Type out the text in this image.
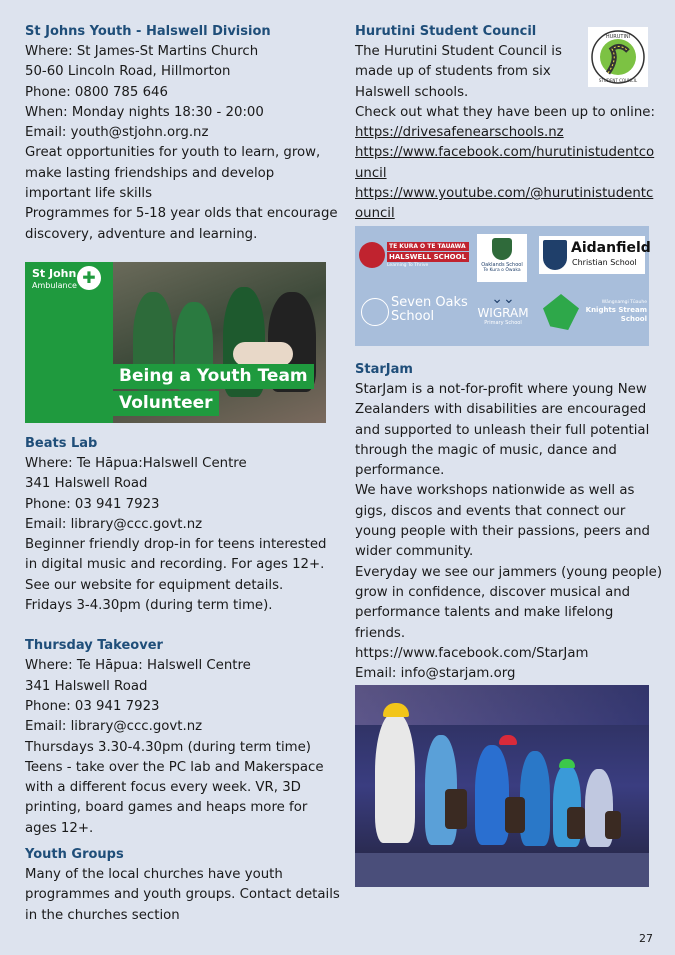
St Johns Youth - Halswell Division

Where: St James-St Martins Church

50-60 Lincoln Road, Hillmorton

Phone: 0800 785 646

When: Monday nights 18:30 - 20:00

Email: youth@stjohn.org.nz

Great opportunities for youth to learn, grow,

make lasting friendships and develop

important life skills

Programmes for 5-18 year olds that encourage

discovery, adventure and learning.

St John
Ambulance ✚
Being a Youth Team
Volunteer

Beats Lab

Where: Te Hāpua:Halswell Centre

341 Halswell Road

Phone: 03 941 7923

Email: library@ccc.govt.nz

Beginner friendly drop-in for teens interested

in digital music and recording. For ages 12+.

See our website for equipment details.

Fridays 3-4.30pm (during term time).

Thursday Takeover

Where: Te Hāpua: Halswell Centre

341 Halswell Road

Phone: 03 941 7923

Email: library@ccc.govt.nz

Thursdays 3.30-4.30pm (during term time)

Teens - take over the PC lab and Makerspace

with a different focus every week. VR, 3D

printing, board games and heaps more for

ages 12+.

Youth Groups

Many of the local churches have youth

programmes and youth groups. Contact details

in the churches section

Hurutini Student Council

The Hurutini Student Council is

made up of students from six

Halswell schools.

Check out what they have been up to online:

https://drivesafenearschools.nz

https://www.facebook.com/hurutinistudentco

uncil

https://www.youtube.com/@hurutinistudentc

ouncil

HURUTINI
STUDENT COUNCIL
TE KURA O TE TAUAWA
HALSWELL SCHOOL
Learning To Thrive	Oaklands School
Te Kura o Ōwaka
Aidanfield
Christian School
Seven Oaks
School
⌄⌄
WIGRAM
Primary School
Wāngnamgi Tūauhe
Knights Stream
School

StarJam

StarJam is a not-for-profit where young New

Zealanders with disabilities are encouraged

and supported to unleash their full potential

through the magic of music, dance and

performance.

We have workshops nationwide as well as

gigs, discos and events that connect our

young people with their passions, peers and

wider community.

Everyday we see our jammers (young people)

grow in confidence, discover musical and

performance talents and make lifelong

friends.

https://www.facebook.com/StarJam

Email: info@starjam.org

27
